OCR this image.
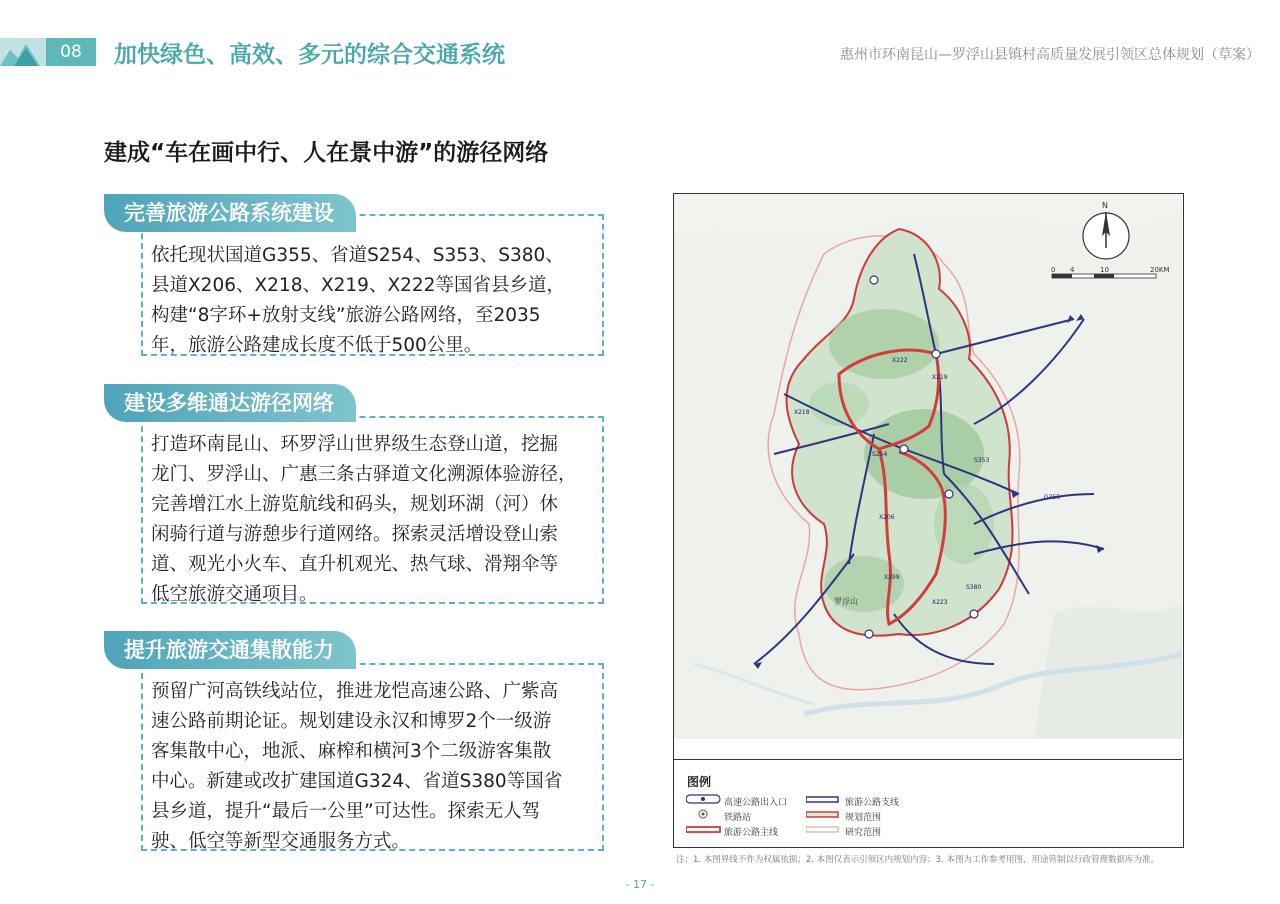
08	加快绿色、高效、多元的综合交通系统	惠州市环南昆山—罗浮山县镇村高质量发展引领区总体规划（草案）
建成“车在画中行、人在景中游”的游径网络
依托现状国道G355、省道S254、S353、S380、
县道X206、X218、X219、X222等国省县乡道，
构建“8字环+放射支线”旅游公路网络，至2035
年，旅游公路建成长度不低于500公里。
完善旅游公路系统建设
打造环南昆山、环罗浮山世界级生态登山道，挖掘
龙门、罗浮山、广惠三条古驿道文化溯源体验游径，
完善增江水上游览航线和码头，规划环湖（河）休
闲骑行道与游憩步行道网络。探索灵活增设登山索
道、观光小火车、直升机观光、热气球、滑翔伞等
低空旅游交通项目。
建设多维通达游径网络
预留广河高铁线站位，推进龙恺高速公路、广紫高
速公路前期论证。规划建设永汉和博罗2个一级游
客集散中心，地派、麻榨和横河3个二级游客集散
中心。新建或改扩建国道G324、省道S380等国省
县乡道，提升“最后一公里”可达性。探索无人驾
驶、低空等新型交通服务方式。
提升旅游交通集散能力
X222
X219
S254
X206
S353
X218
X299
G355
S380
X223
罗浮山
0 4	10	20KM
N
图例
高速公路出入口	旅游公路支线
铁路站	规划范围
旅游公路主线	研究范围
注：1. 本图界线不作为权属依据；2. 本图仅表示引领区内规划内容；3. 本图为工作参考用图，用途管制以行政管理数据库为准。
- 17 -
